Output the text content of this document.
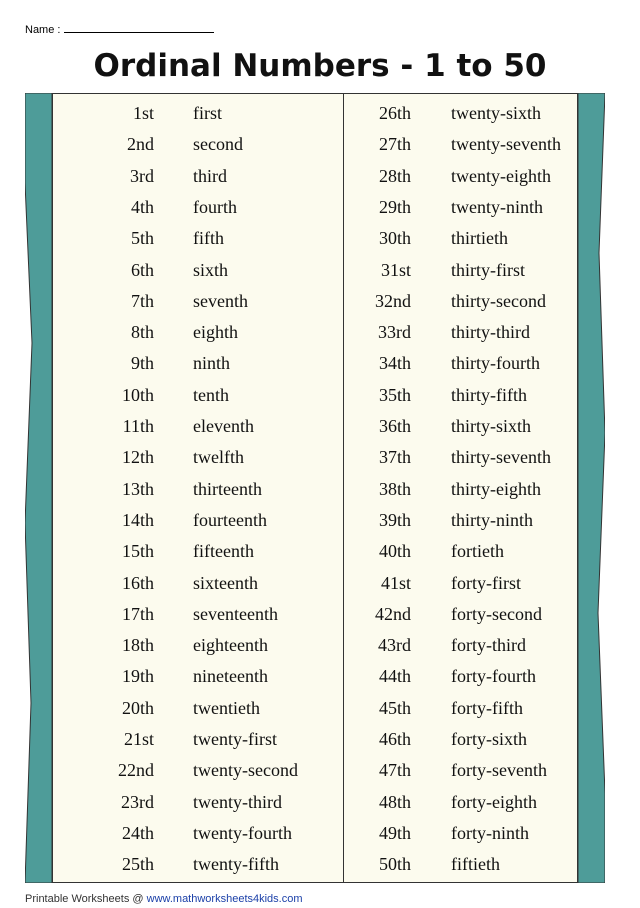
Name :
Ordinal Numbers - 1 to 50
1st first
2nd second
3rd third
4th fourth
5th fifth
6th sixth
7th seventh
8th eighth
9th ninth
10th tenth
11th eleventh
12th twelfth
13th thirteenth
14th fourteenth
15th fifteenth
16th sixteenth
17th seventeenth
18th eighteenth
19th nineteenth
20th twentieth
21st twenty-first
22nd twenty-second
23rd twenty-third
24th twenty-fourth
25th twenty-fifth
26th twenty-sixth
27th twenty-seventh
28th twenty-eighth
29th twenty-ninth
30th thirtieth
31st thirty-first
32nd thirty-second
33rd thirty-third
34th thirty-fourth
35th thirty-fifth
36th thirty-sixth
37th thirty-seventh
38th thirty-eighth
39th thirty-ninth
40th fortieth
41st forty-first
42nd forty-second
43rd forty-third
44th forty-fourth
45th forty-fifth
46th forty-sixth
47th forty-seventh
48th forty-eighth
49th forty-ninth
50th fiftieth
Printable Worksheets @ www.mathworksheets4kids.com
